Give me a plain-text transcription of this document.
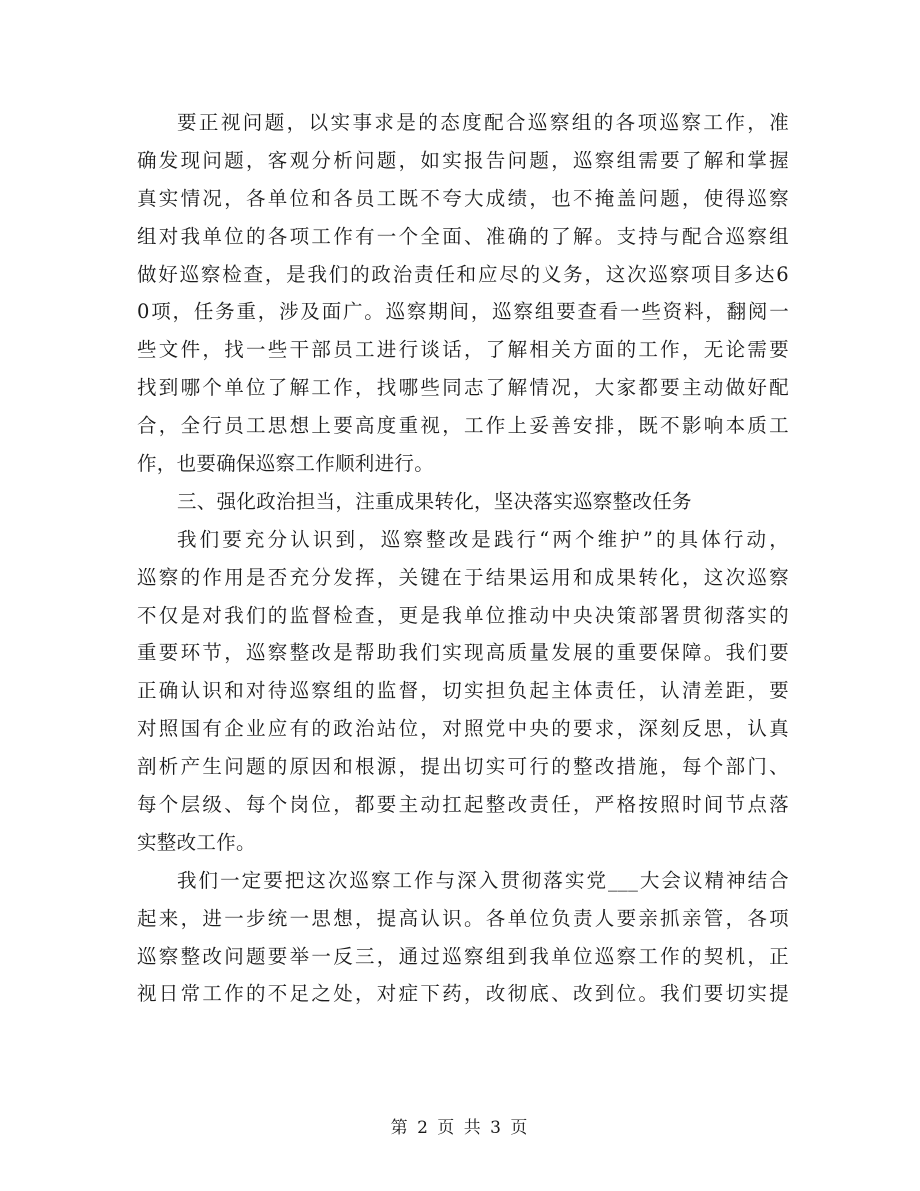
要正视问题，以实事求是的态度配合巡察组的各项巡察工作，准
确发现问题，客观分析问题，如实报告问题，巡察组需要了解和掌握
真实情况，各单位和各员工既不夸大成绩，也不掩盖问题，使得巡察
组对我单位的各项工作有一个全面、准确的了解。支持与配合巡察组
做好巡察检查，是我们的政治责任和应尽的义务，这次巡察项目多达6
0项，任务重，涉及面广。巡察期间，巡察组要查看一些资料，翻阅一
些文件，找一些干部员工进行谈话，了解相关方面的工作，无论需要
找到哪个单位了解工作，找哪些同志了解情况，大家都要主动做好配
合，全行员工思想上要高度重视，工作上妥善安排，既不影响本质工
作，也要确保巡察工作顺利进行。
三、强化政治担当，注重成果转化，坚决落实巡察整改任务
我们要充分认识到，巡察整改是践行“两个维护”的具体行动，
巡察的作用是否充分发挥，关键在于结果运用和成果转化，这次巡察
不仅是对我们的监督检查，更是我单位推动中央决策部署贯彻落实的
重要环节，巡察整改是帮助我们实现高质量发展的重要保障。我们要
正确认识和对待巡察组的监督，切实担负起主体责任，认清差距，要
对照国有企业应有的政治站位，对照党中央的要求，深刻反思，认真
剖析产生问题的原因和根源，提出切实可行的整改措施，每个部门、
每个层级、每个岗位，都要主动扛起整改责任，严格按照时间节点落
实整改工作。
我们一定要把这次巡察工作与深入贯彻落实党___大会议精神结合
起来，进一步统一思想，提高认识。各单位负责人要亲抓亲管，各项
巡察整改问题要举一反三，通过巡察组到我单位巡察工作的契机，正
视日常工作的不足之处，对症下药，改彻底、改到位。我们要切实提
第 2 页 共 3 页
